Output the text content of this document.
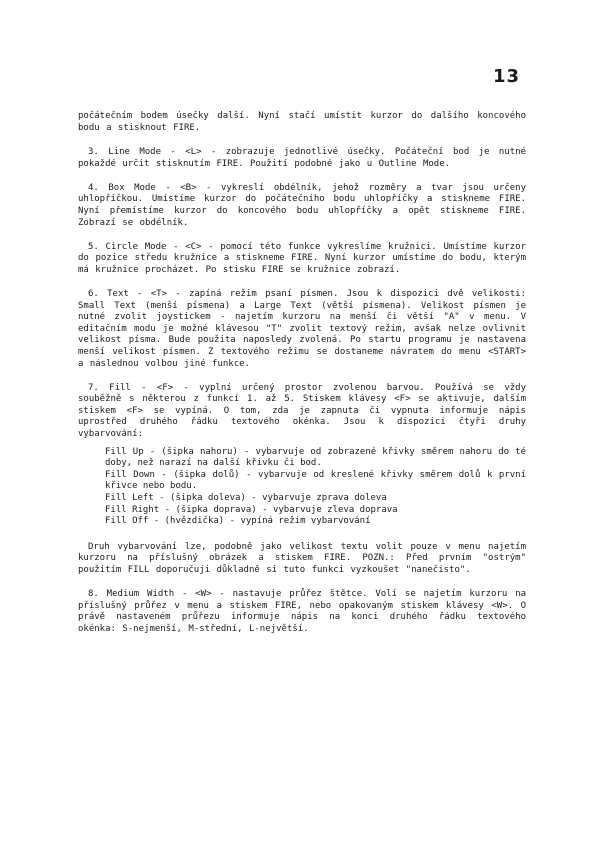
13

počátečním bodem úsečky další. Nyní stačí umístit kurzor do dalšího koncového bodu a stisknout FIRE.

3. Line Mode - <L> - zobrazuje jednotlivé úsečky. Počáteční bod je nutné pokaždé určit stisknutím FIRE. Použití podobné jako u Outline Mode.

4. Box Mode - <B> - vykreslí obdélník, jehož rozměry a tvar jsou určeny uhlopříčkou. Umístíme kurzor do počátečního bodu uhlopříčky a stiskneme FIRE. Nyní přemístíme kurzor do koncového bodu uhlopříčky a opět stiskneme FIRE. Zobrazí se obdélník.

5. Circle Mode - <C> - pomocí této funkce vykreslíme kružnici. Umístíme kurzor do pozice středu kružnice a stiskneme FIRE. Nyní kurzor umístíme do bodu, kterým má kružnice procházet. Po stisku FIRE se kružnice zobrazí.

6. Text - <T> - zapíná režim psaní písmen. Jsou k dispozici dvě velikosti: Small Text (menší písmena) a Large Text (větší písmena). Velikost písmen je nutné zvolit joystickem - najetím kurzoru na menší či větší "A" v menu. V editačním modu je možné klávesou "T" zvolit textový režim, avšak nelze ovlivnit velikost písma. Bude použita naposledy zvolená. Po startu programu je nastavena menší velikost písmen. Z textového režimu se dostaneme návratem do menu <START> a následnou volbou jiné funkce.

7. Fill - <F> - vyplní určený prostor zvolenou barvou. Používá se vždy souběžně s některou z funkcí 1. až 5. Stiskem klávesy <F> se aktivuje, dalším stiskem <F> se vypíná. O tom, zda je zapnuta či vypnuta informuje nápis uprostřed druhého řádku textového okénka. Jsou k dispozici čtyři druhy vybarvování:

Fill Up - (šipka nahoru) - vybarvuje od zobrazené křivky směrem nahoru do té doby, než narazí na další křivku či bod.
Fill Down - (šipka dolů) - vybarvuje od kreslené křivky směrem dolů k první křivce nebo bodu.
Fill Left - (šipka doleva) - vybarvuje zprava doleva
Fill Right - (šipka doprava) - vybarvuje zleva doprava
Fill Off - (hvězdička) - vypíná režim vybarvování

Druh vybarvování lze, podobně jako velikost textu volit pouze v menu najetím kurzoru na příslušný obrázek a stiskem FIRE. POZN.: Před prvním "ostrým" použitím FILL doporučuji důkladně si tuto funkci vyzkoušet "nanečisto".

8. Medium Width - <W> - nastavuje průřez štětce. Volí se najetím kurzoru na příslušný průřez v menu a stiskem FIRE, nebo opakovaným stiskem klávesy <W>. O právě nastaveném průřezu informuje nápis na konci druhého řádku textového okénka: S-nejmenší, M-střední, L-největší.
